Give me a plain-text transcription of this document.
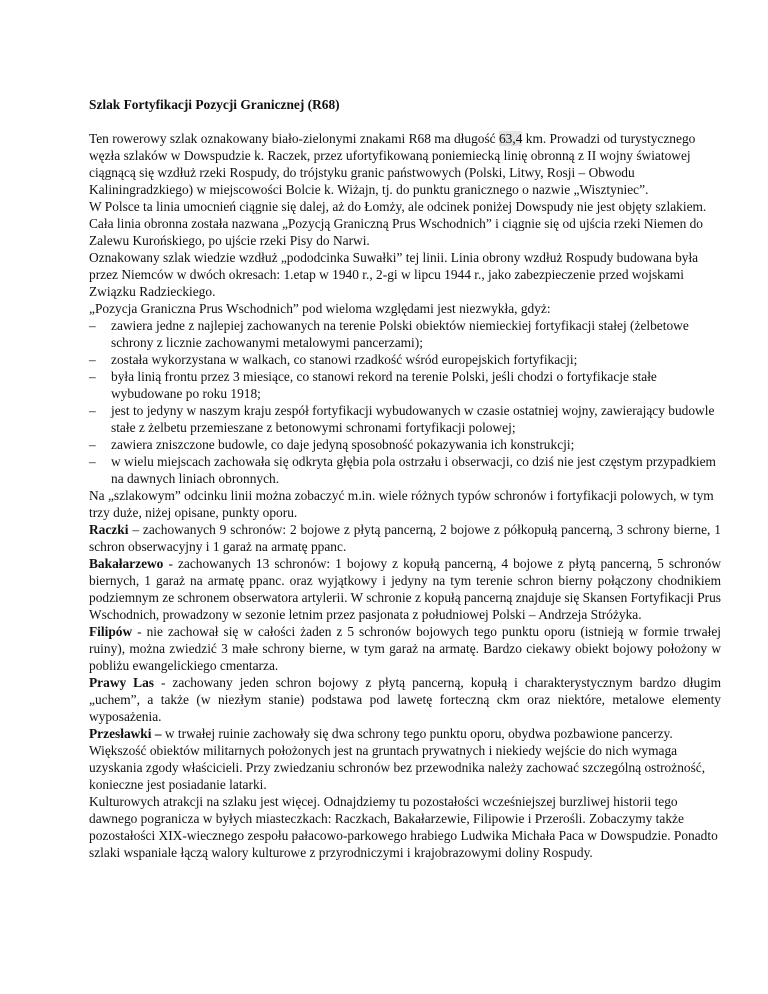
Szlak Fortyfikacji Pozycji Granicznej (R68)

Ten rowerowy szlak oznakowany biało-zielonymi znakami R68 ma długość 63,4 km. Prowadzi od turystycznego węzła szlaków w Dowspudzie k. Raczek, przez ufortyfikowaną poniemiecką linię obronną z II wojny światowej ciągnącą się wzdłuż rzeki Rospudy, do trójstyku granic państwowych (Polski, Litwy, Rosji – Obwodu Kaliningradzkiego) w miejscowości Bolcie k. Wiżajn, tj. do punktu granicznego o nazwie „Wisztyniec”.

W Polsce ta linia umocnień ciągnie się dalej, aż do Łomży, ale odcinek poniżej Dowspudy nie jest objęty szlakiem. Cała linia obronna została nazwana „Pozycją Graniczną Prus Wschodnich” i ciągnie się od ujścia rzeki Niemen do Zalewu Kurońskiego, po ujście rzeki Pisy do Narwi.

Oznakowany szlak wiedzie wzdłuż „pododcinka Suwałki” tej linii. Linia obrony wzdłuż Rospudy budowana była przez Niemców w dwóch okresach: 1.etap w 1940 r., 2-gi w lipcu 1944 r., jako zabezpieczenie przed wojskami Związku Radzieckiego.

„Pozycja Graniczna Prus Wschodnich” pod wieloma względami jest niezwykła, gdyż:

– zawiera jedne z najlepiej zachowanych na terenie Polski obiektów niemieckiej fortyfikacji stałej (żelbetowe schrony z licznie zachowanymi metalowymi pancerzami);
– została wykorzystana w walkach, co stanowi rzadkość wśród europejskich fortyfikacji;
– była linią frontu przez 3 miesiące, co stanowi rekord na terenie Polski, jeśli chodzi o fortyfikacje stałe wybudowane po roku 1918;
– jest to jedyny w naszym kraju zespół fortyfikacji wybudowanych w czasie ostatniej wojny, zawierający budowle stałe z żelbetu przemieszane z betonowymi schronami fortyfikacji polowej;
– zawiera zniszczone budowle, co daje jedyną sposobność pokazywania ich konstrukcji;
– w wielu miejscach zachowała się odkryta głębia pola ostrzału i obserwacji, co dziś nie jest częstym przypadkiem na dawnych liniach obronnych.

Na „szlakowym” odcinku linii można zobaczyć m.in. wiele różnych typów schronów i fortyfikacji polowych, w tym trzy duże, niżej opisane, punkty oporu.

Raczki – zachowanych 9 schronów: 2 bojowe z płytą pancerną, 2 bojowe z półkopułą pancerną, 3 schrony bierne, 1 schron obserwacyjny i 1 garaż na armatę ppanc.

Bakałarzewo - zachowanych 13 schronów: 1 bojowy z kopułą pancerną, 4 bojowe z płytą pancerną, 5 schronów biernych, 1 garaż na armatę ppanc. oraz wyjątkowy i jedyny na tym terenie schron bierny połączony chodnikiem podziemnym ze schronem obserwatora artylerii. W schronie z kopułą pancerną znajduje się Skansen Fortyfikacji Prus Wschodnich, prowadzony w sezonie letnim przez pasjonata z południowej Polski – Andrzeja Stróżyka.

Filipów - nie zachował się w całości żaden z 5 schronów bojowych tego punktu oporu (istnieją w formie trwałej ruiny), można zwiedzić 3 małe schrony bierne, w tym garaż na armatę. Bardzo ciekawy obiekt bojowy położony w pobliżu ewangelickiego cmentarza.

Prawy Las - zachowany jeden schron bojowy z płytą pancerną, kopułą i charakterystycznym bardzo długim „uchem”, a także (w niezłym stanie) podstawa pod lawetę forteczną ckm oraz niektóre, metalowe elementy wyposażenia.

Przesławki – w trwałej ruinie zachowały się dwa schrony tego punktu oporu, obydwa pozbawione pancerzy.

Większość obiektów militarnych położonych jest na gruntach prywatnych i niekiedy wejście do nich wymaga uzyskania zgody właścicieli. Przy zwiedzaniu schronów bez przewodnika należy zachować szczególną ostrożność, konieczne jest posiadanie latarki.

Kulturowych atrakcji na szlaku jest więcej. Odnajdziemy tu pozostałości wcześniejszej burzliwej historii tego dawnego pogranicza w byłych miasteczkach: Raczkach, Bakałarzewie, Filipowie i Przerośli. Zobaczymy także pozostałości XIX-wiecznego zespołu pałacowo-parkowego hrabiego Ludwika Michała Paca w Dowspudzie. Ponadto szlaki wspaniale łączą walory kulturowe z przyrodniczymi i krajobrazowymi doliny Rospudy.
